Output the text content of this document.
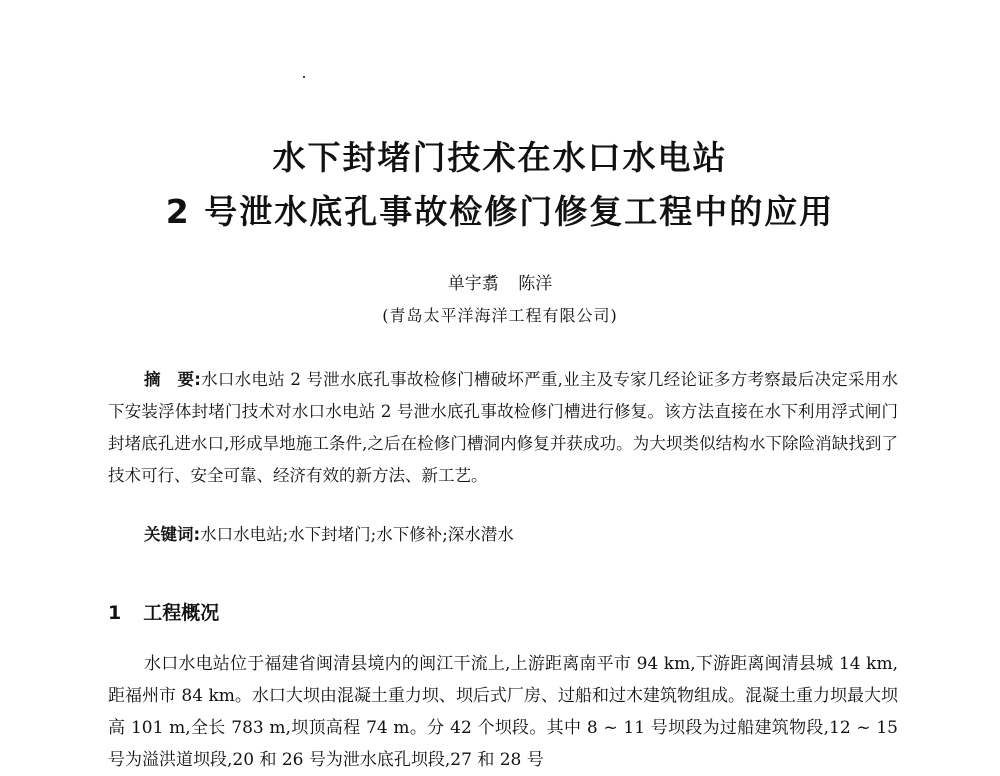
水下封堵门技术在水口水电站
2 号泄水底孔事故检修门修复工程中的应用
单宇翥 陈洋
(青岛太平洋海洋工程有限公司)

摘　要:水口水电站 2 号泄水底孔事故检修门槽破坏严重,业主及专家几经论证多方考察最后决定采用水下安装浮体封堵门技术对水口水电站 2 号泄水底孔事故检修门槽进行修复。该方法直接在水下利用浮式闸门封堵底孔进水口,形成旱地施工条件,之后在检修门槽洞内修复并获成功。为大坝类似结构水下除险消缺找到了技术可行、安全可靠、经济有效的新方法、新工艺。

关键词:水口水电站;水下封堵门;水下修补;深水潜水
1 工程概况

水口水电站位于福建省闽清县境内的闽江干流上,上游距离南平市 94 km,下游距离闽清县城 14 km,距福州市 84 km。水口大坝由混凝土重力坝、坝后式厂房、过船和过木建筑物组成。混凝土重力坝最大坝高 101 m,全长 783 m,坝顶高程 74 m。分 42 个坝段。其中 8 ~ 11 号坝段为过船建筑物段,12 ~ 15 号为溢洪道坝段,20 和 26 号为泄水底孔坝段,27 和 28 号
